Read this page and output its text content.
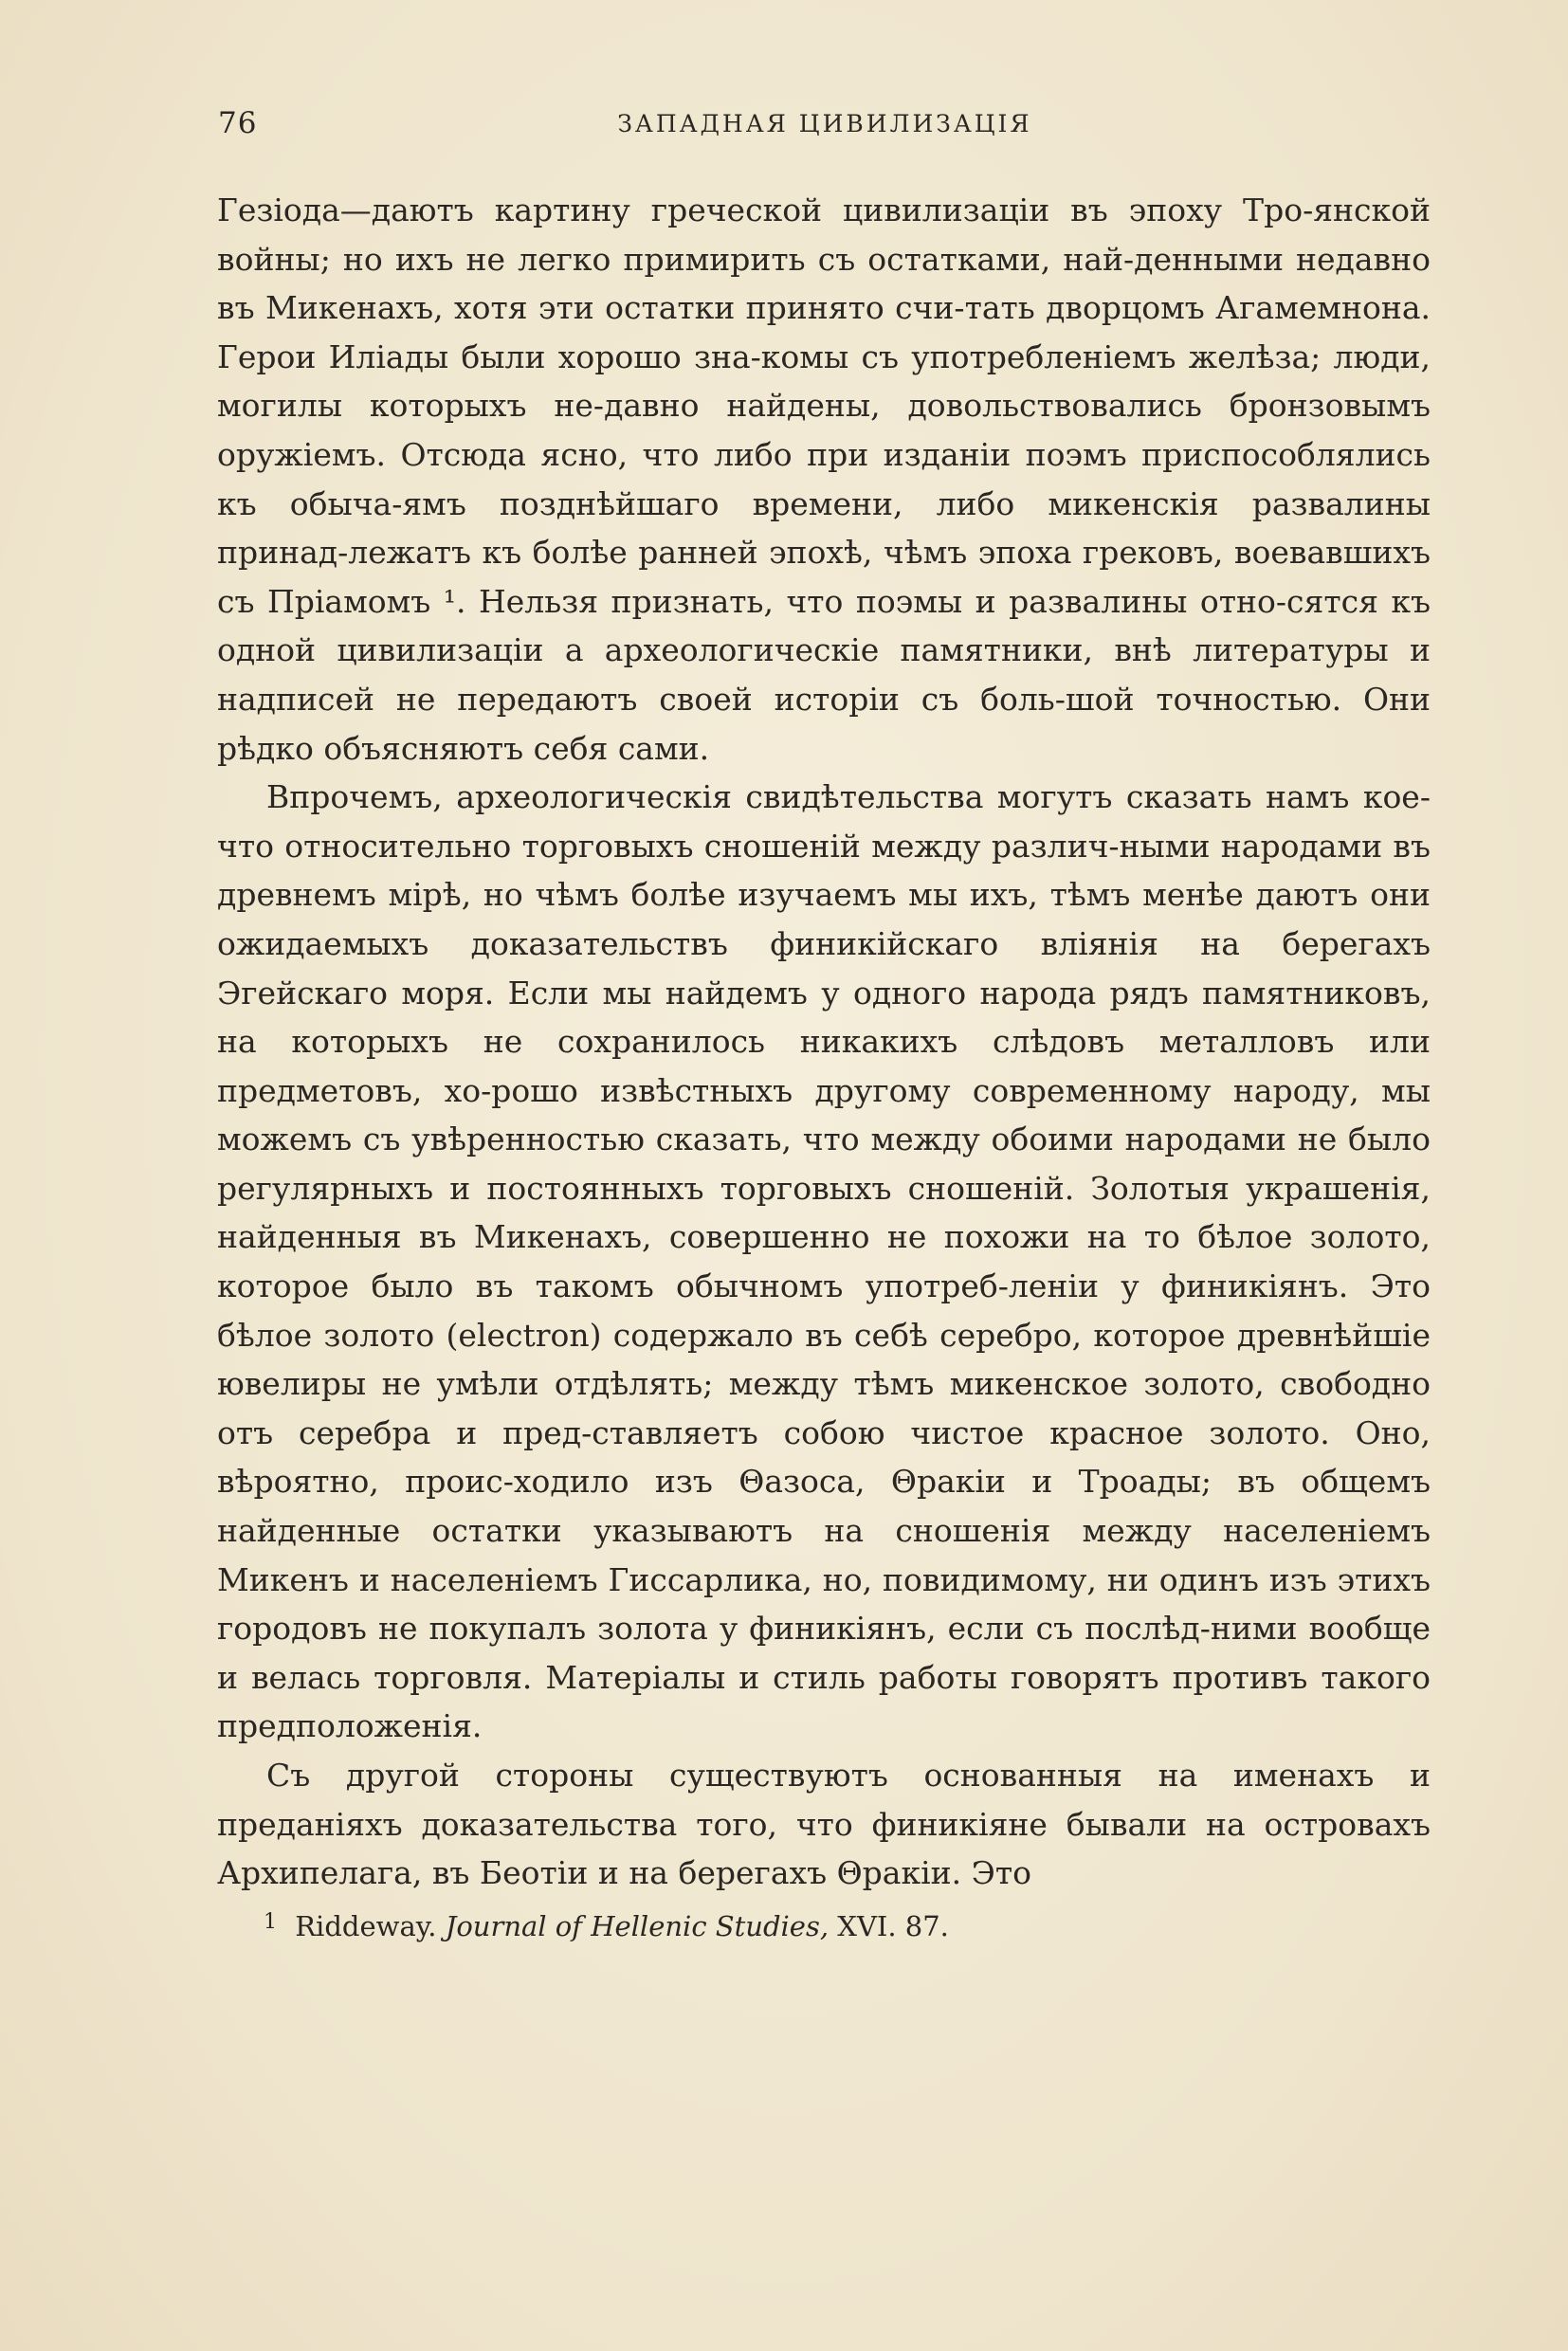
76	ЗАПАДНАЯ ЦИВИЛИЗАЦІЯ

Гезіода—даютъ картину греческой цивилизаціи въ эпоху Тро-янской войны; но ихъ не легко примирить съ остатками, най-денными недавно въ Микенахъ, хотя эти остатки принято счи-тать дворцомъ Агамемнона. Герои Иліады были хорошо зна-комы съ употребленіемъ желѣза; люди, могилы которыхъ не-давно найдены, довольствовались бронзовымъ оружіемъ. Отсюда ясно, что либо при изданіи поэмъ приспособлялись къ обыча-ямъ позднѣйшаго времени, либо микенскія развалины принад-лежатъ къ болѣе ранней эпохѣ, чѣмъ эпоха грековъ, воевавшихъ съ Пріамомъ ¹. Нельзя признать, что поэмы и развалины отно-сятся къ одной цивилизаціи а археологическіе памятники, внѣ литературы и надписей не передаютъ своей исторіи съ боль-шой точностью. Они рѣдко объясняютъ себя сами.

Впрочемъ, археологическія свидѣтельства могутъ сказать намъ кое-что относительно торговыхъ сношеній между различ-ными народами въ древнемъ мірѣ, но чѣмъ болѣе изучаемъ мы ихъ, тѣмъ менѣе даютъ они ожидаемыхъ доказательствъ финикійскаго вліянія на берегахъ Эгейскаго моря. Если мы найдемъ у одного народа рядъ памятниковъ, на которыхъ не сохранилось никакихъ слѣдовъ металловъ или предметовъ, хо-рошо извѣстныхъ другому современному народу, мы можемъ съ увѣренностью сказать, что между обоими народами не было регулярныхъ и постоянныхъ торговыхъ сношеній. Золотыя украшенія, найденныя въ Микенахъ, совершенно не похожи на то бѣлое золото, которое было въ такомъ обычномъ употреб-леніи у финикіянъ. Это бѣлое золото (electron) содержало въ себѣ серебро, которое древнѣйшіе ювелиры не умѣли отдѣлять; между тѣмъ микенское золото, свободно отъ серебра и пред-ставляетъ собою чистое красное золото. Оно, вѣроятно, проис-ходило изъ Θазоса, Θракіи и Троады; въ общемъ найденные остатки указываютъ на сношенія между населеніемъ Микенъ и населеніемъ Гиссарлика, но, повидимому, ни одинъ изъ этихъ городовъ не покупалъ золота у финикіянъ, если съ послѣд-ними вообще и велась торговля. Матеріалы и стиль работы говорятъ противъ такого предположенія.

Съ другой стороны существуютъ основанныя на именахъ и преданіяхъ доказательства того, что финикіяне бывали на островахъ Архипелага, въ Беотіи и на берегахъ Θракіи. Это

$^1$ Riddeway. Journal of Hellenic Studies, XVI. 87.
